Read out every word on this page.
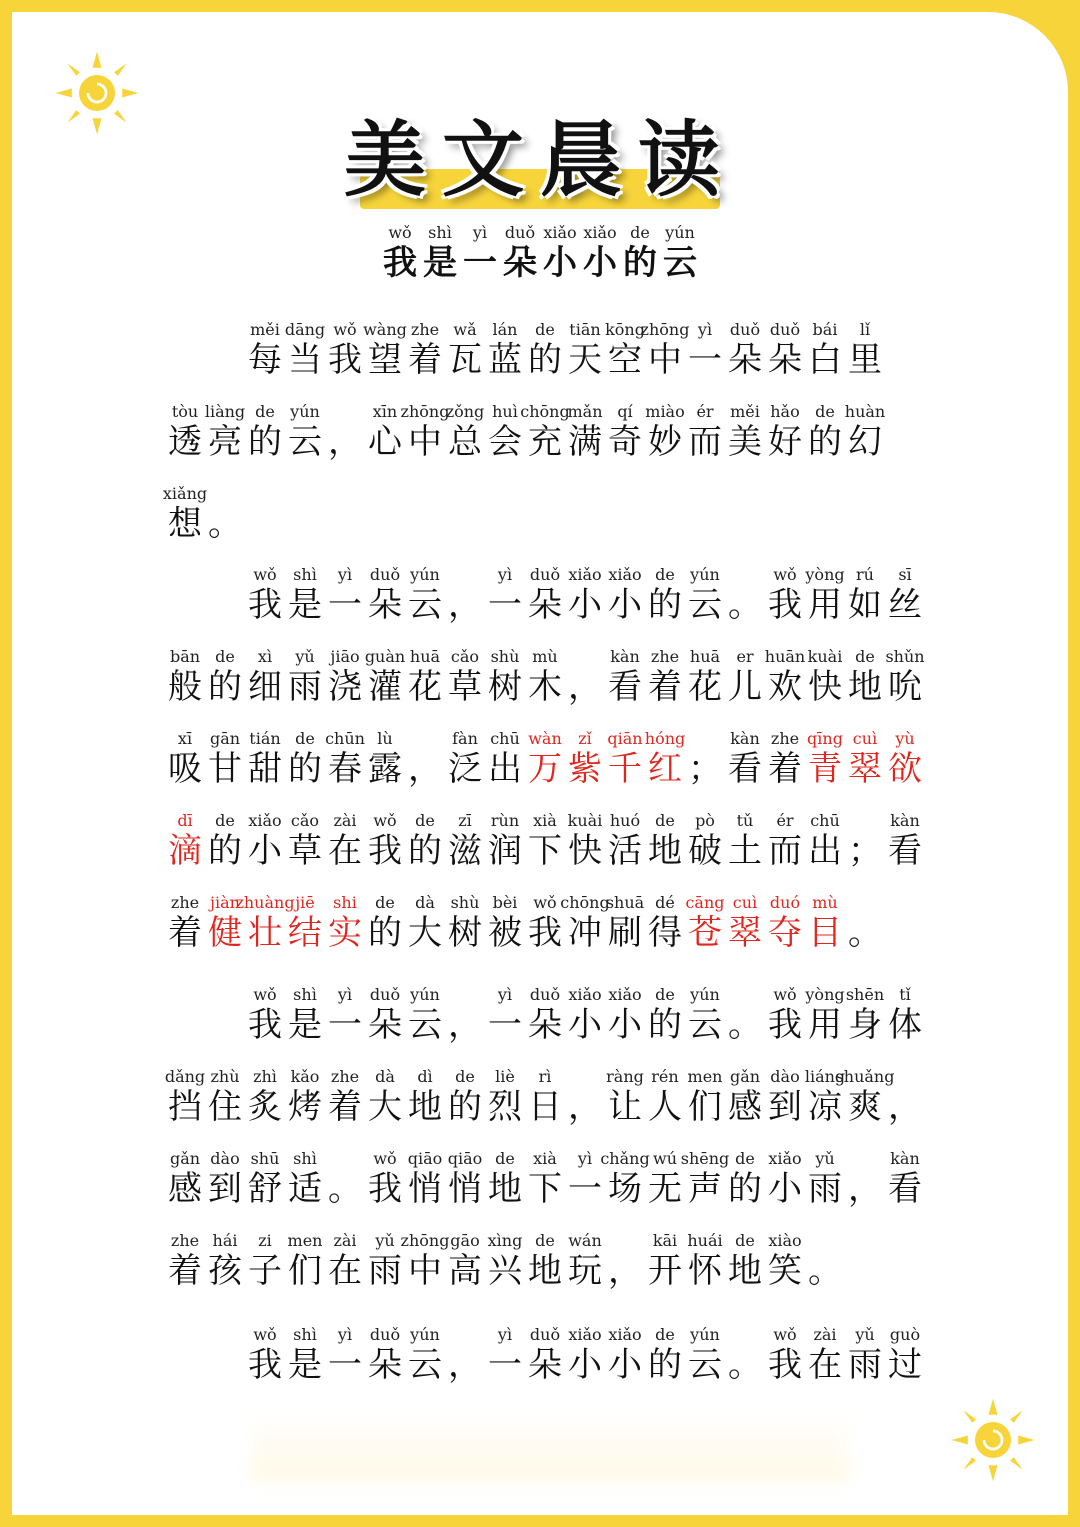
美文晨读
wǒ
我
shì
是
yì
一
duǒ
朵
xiǎo
小
xiǎo
小
de
的
yún
云
měi
每
dāng
当
wǒ
我
wàng
望
zhe
着
wǎ
瓦
lán
蓝
de
的
tiān
天
kōng
空
zhōng
中
yì
一
duǒ
朵
duǒ
朵
bái
白
lǐ
里
tòu
透
liàng
亮
de
的
yún
云 ，
xīn
心
zhōng
中
zǒng
总
huì
会
chōng
充
mǎn
满
qí
奇
miào
妙
ér
而
měi
美
hǎo
好
de
的
huàn
幻
xiǎng
想 。
wǒ
我
shì
是
yì
一
duǒ
朵
yún
云 ，
yì
一
duǒ
朵
xiǎo
小
xiǎo
小
de
的
yún
云 。
wǒ
我
yòng
用
rú
如
sī
丝
bān
般
de
的
xì
细
yǔ
雨
jiāo
浇
guàn
灌
huā
花
cǎo
草
shù
树
mù
木 ，
kàn
看
zhe
着
huā
花
er
儿
huān
欢
kuài
快
de
地
shǔn
吮
xī
吸
gān
甘
tián
甜
de
的
chūn
春
lù
露 ，
fàn
泛
chū
出
wàn
万
zǐ
紫
qiān
千
hóng
红 ；
kàn
看
zhe
着
qīng
青
cuì
翠
yù
欲
dī
滴
de
的
xiǎo
小
cǎo
草
zài
在
wǒ
我
de
的
zī
滋
rùn
润
xià
下
kuài
快
huó
活
de
地
pò
破
tǔ
土
ér
而
chū
出 ；
kàn
看
zhe
着
jiàn
健
zhuàng
壮
jiē
结
shi
实
de
的
dà
大
shù
树
bèi
被
wǒ
我
chōng
冲
shuā
刷
dé
得
cāng
苍
cuì
翠
duó
夺
mù
目 。
wǒ
我
shì
是
yì
一
duǒ
朵
yún
云 ，
yì
一
duǒ
朵
xiǎo
小
xiǎo
小
de
的
yún
云 。
wǒ
我
yòng
用
shēn
身
tǐ
体
dǎng
挡
zhù
住
zhì
炙
kǎo
烤
zhe
着
dà
大
dì
地
de
的
liè
烈
rì
日 ，
ràng
让
rén
人
men
们
gǎn
感
dào
到
liáng
凉
shuǎng
爽 ，
gǎn
感
dào
到
shū
舒
shì
适 。
wǒ
我
qiāo
悄
qiāo
悄
de
地
xià
下
yì
一
chǎng
场
wú
无
shēng
声
de
的
xiǎo
小
yǔ
雨 ，
kàn
看
zhe
着
hái
孩
zi
子
men
们
zài
在
yǔ
雨
zhōng
中
gāo
高
xìng
兴
de
地
wán
玩 ，
kāi
开
huái
怀
de
地
xiào
笑 。
wǒ
我
shì
是
yì
一
duǒ
朵
yún
云 ，
yì
一
duǒ
朵
xiǎo
小
xiǎo
小
de
的
yún
云 。
wǒ
我
zài
在
yǔ
雨
guò
过
